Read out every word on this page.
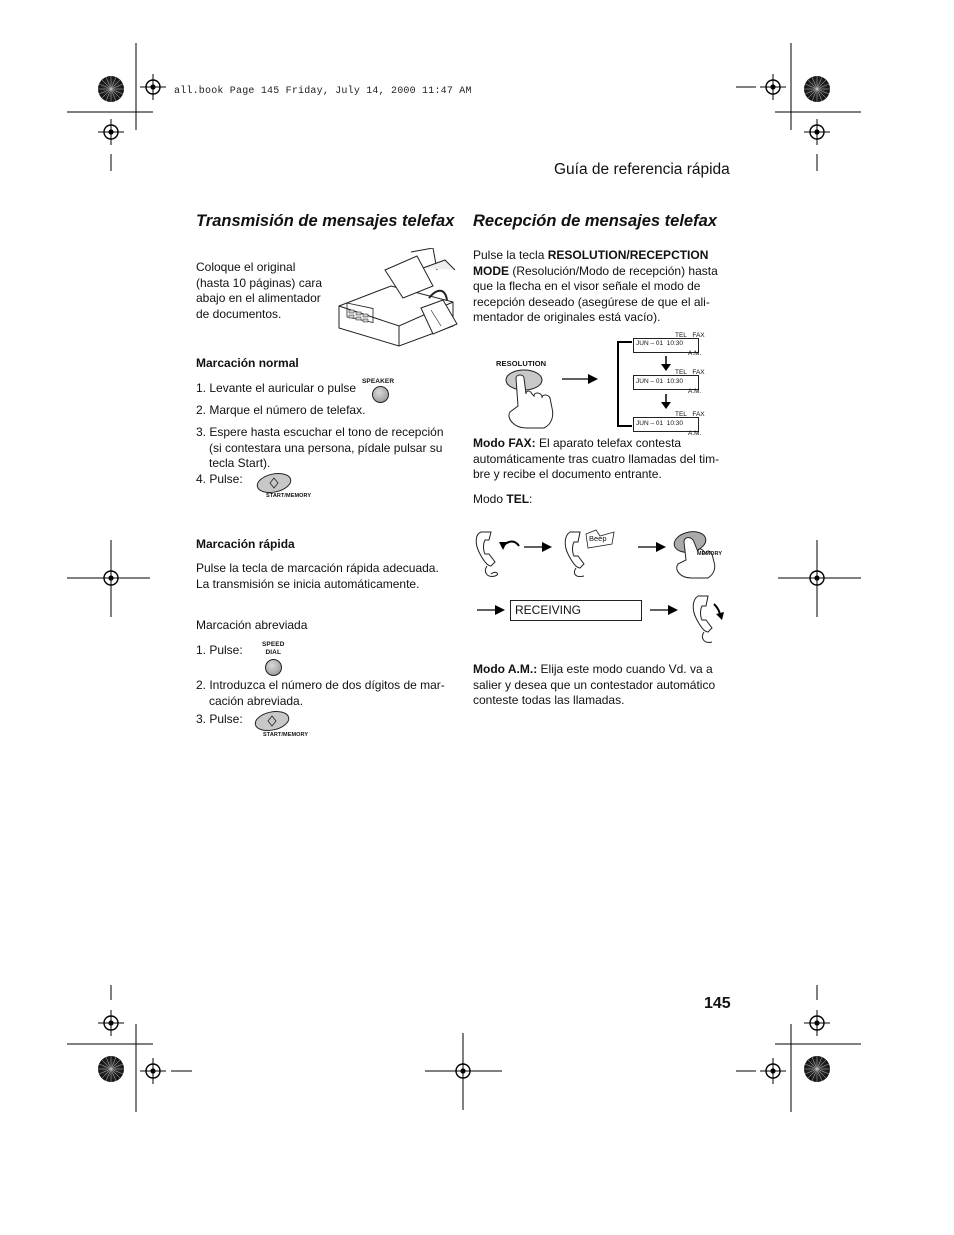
all.book Page 145 Friday, July 14, 2000 11:47 AM
Guía de referencia rápida
Transmisión de mensajes telefax
Coloque el original
(hasta 10 páginas) cara
abajo en el alimentador
de documentos.
Marcación normal
1. Levante el auricular o pulse SPEAKER
2. Marque el número de telefax.
3. Espere hasta escuchar el tono de recepción
(si contestara una persona, pídale pulsar su
tecla Start).
4. Pulse:
START/MEMORY
Marcación rápida
Pulse la tecla de marcación rápida adecuada.
La transmisión se inicia automáticamente.
Marcación abreviada
1. Pulse:	SPEED
DIAL
2. Introduzca el número de dos dígitos de mar-
cación abreviada.
3. Pulse:
START/MEMORY
Recepción de mensajes telefax
Pulse la tecla RESOLUTION/RECEPCTION
MODE (Resolución/Modo de recepción) hasta
que la flecha en el visor señale el modo de
recepción deseado (asegúrese de que el ali-
mentador de originales está vacío).
RESOLUTION
TEL FAX
JUN – 01 10:30
A.M.
TEL FAX
JUN – 01 10:30
A.M.
TEL FAX
JUN – 01 10:30
A.M.
Modo FAX: El aparato telefax contesta
automáticamente tras cuatro llamadas del tim-
bre y recibe el documento entrante.
Modo TEL:
Beep
MEMORY
RECEIVING
Modo A.M.: Elija este modo cuando Vd. va a
salier y desea que un contestador automático
conteste todas las llamadas.
145
